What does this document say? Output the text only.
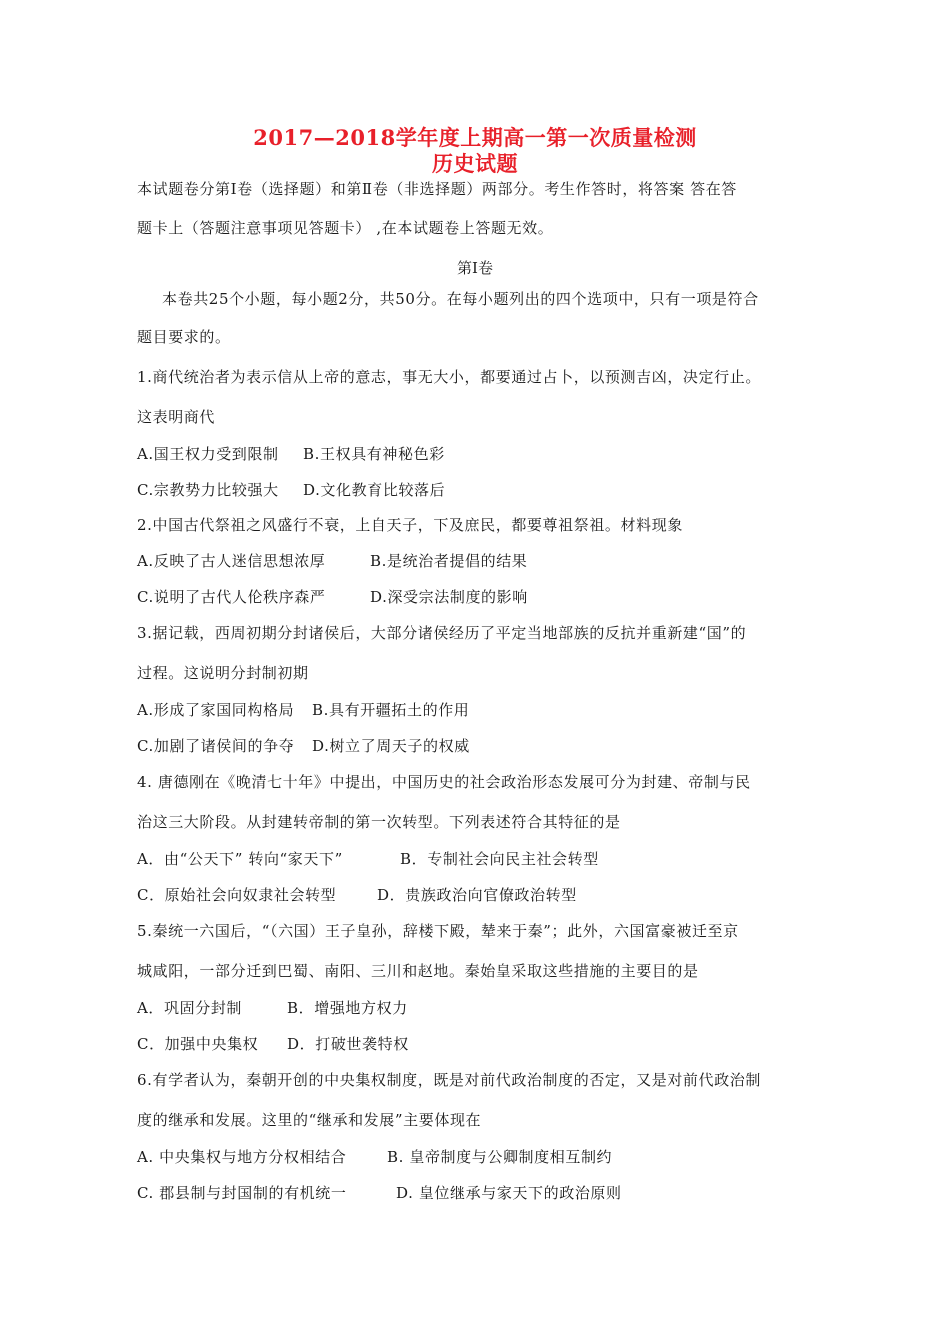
2017—2018学年度上期高一第一次质量检测
历史试题
本试题卷分第Ⅰ卷（选择题）和第Ⅱ卷（非选择题）两部分。考生作答时，将答案 答在答
题卡上（答题注意事项见答题卡） ,在本试题卷上答题无效。
第Ⅰ卷
本卷共25个小题，每小题2分，共50分。在每小题列出的四个选项中，只有一项是符合
题目要求的。
1.商代统治者为表示信从上帝的意志，事无大小，都要通过占卜，以预测吉凶，决定行止。
这表明商代
A.国王权力受到限制 B.王权具有神秘色彩
C.宗教势力比较强大 D.文化教育比较落后
2.中国古代祭祖之风盛行不衰，上自天子，下及庶民，都要尊祖祭祖。材料现象
A.反映了古人迷信思想浓厚	B.是统治者提倡的结果
C.说明了古代人伦秩序森严	D.深受宗法制度的影响
3.据记载，西周初期分封诸侯后，大部分诸侯经历了平定当地部族的反抗并重新建“国”的
过程。这说明分封制初期
A.形成了家国同构格局 B.具有开疆拓土的作用
C.加剧了诸侯间的争夺 D.树立了周天子的权威
4. 唐德刚在《晚清七十年》中提出，中国历史的社会政治形态发展可分为封建、帝制与民
治这三大阶段。从封建转帝制的第一次转型。下列表述符合其特征的是
A．由“公天下” 转向“家天下”	B．专制社会向民主社会转型
C．原始社会向奴隶社会转型	D．贵族政治向官僚政治转型
5.秦统一六国后，“（六国）王子皇孙，辞楼下殿，辇来于秦”；此外，六国富豪被迁至京
城咸阳，一部分迁到巴蜀、南阳、三川和赵地。秦始皇采取这些措施的主要目的是
A．巩固分封制	B．增强地方权力
C．加强中央集权 D．打破世袭特权
6.有学者认为，秦朝开创的中央集权制度，既是对前代政治制度的否定，又是对前代政治制
度的继承和发展。这里的“继承和发展”主要体现在
A. 中央集权与地方分权相结合	B. 皇帝制度与公卿制度相互制约
C. 郡县制与封国制的有机统一	D. 皇位继承与家天下的政治原则
